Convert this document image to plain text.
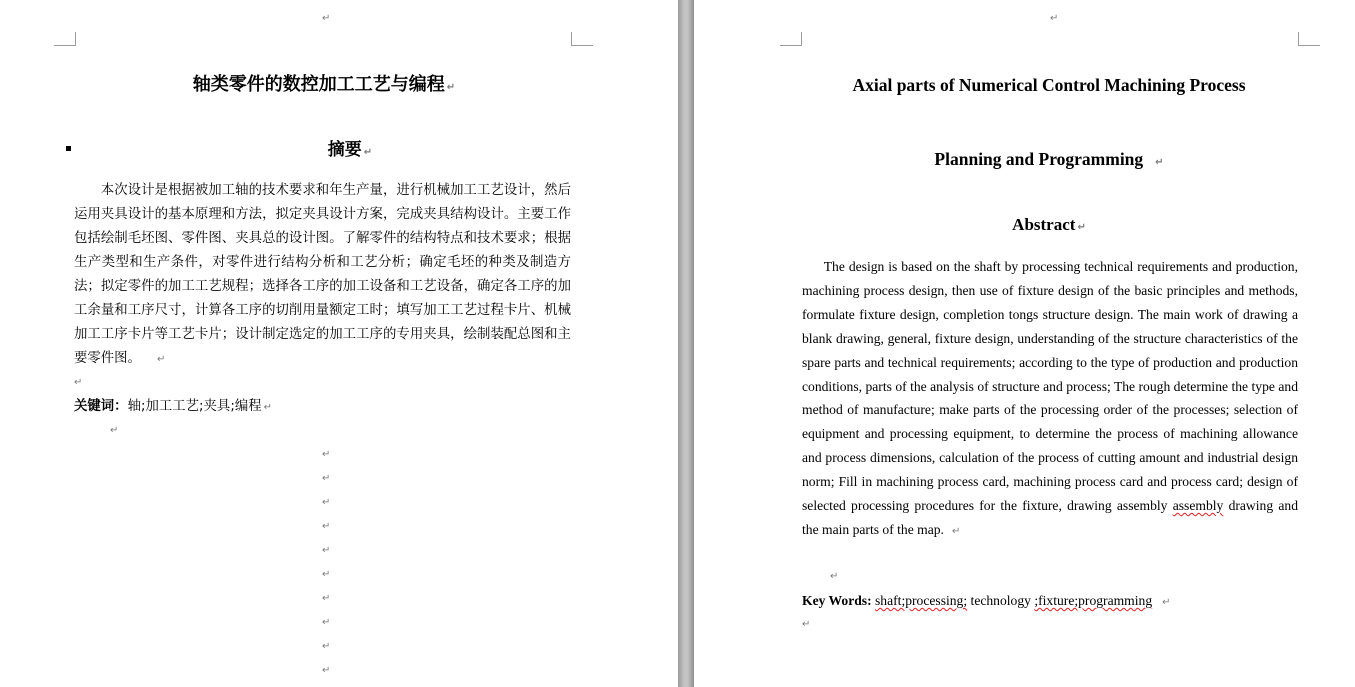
↵
轴类零件的数控加工工艺与编程 ↵
摘要 ↵

本次设计是根据被加工轴的技术要求和年生产量，进行机械加工工艺设计，然后运用夹具设计的基本原理和方法，拟定夹具设计方案，完成夹具结构设计。主要工作包括绘制毛坯图、零件图、夹具总的设计图。了解零件的结构特点和技术要求；根据生产类型和生产条件，对零件进行结构分析和工艺分析；确定毛坯的种类及制造方法；拟定零件的加工工艺规程；选择各工序的加工设备和工艺设备，确定各工序的加工余量和工序尺寸，计算各工序的切削用量额定工时；填写加工工艺过程卡片、机械加工工序卡片等工艺卡片；设计制定选定的加工工序的专用夹具，绘制装配总图和主要零件图。 ↵

↵
关键词：轴;加工工艺;夹具;编程 ↵
↵
↵
↵
↵
↵
↵
↵
↵
↵
↵
↵
↵
Axial parts of Numerical Control Machining Process
Planning and Programming ↵
Abstract ↵

The design is based on the shaft by processing technical requirements and production, machining process design, then use of fixture design of the basic principles and methods, formulate fixture design, completion tongs structure design. The main work of drawing a blank drawing, general, fixture design, understanding of the structure characteristics of the spare parts and technical requirements; according to the type of production and production conditions, parts of the analysis of structure and process; The rough determine the type and method of manufacture; make parts of the processing order of the processes; selection of equipment and processing equipment, to determine the process of machining allowance and process dimensions, calculation of the process of cutting amount and industrial design norm; Fill in machining process card, machining process card and process card; design of selected processing procedures for the fixture, drawing assembly assembly drawing and the main parts of the map. ↵

↵
Key Words: shaft;processing; technology ;fixture;programming ↵
↵
